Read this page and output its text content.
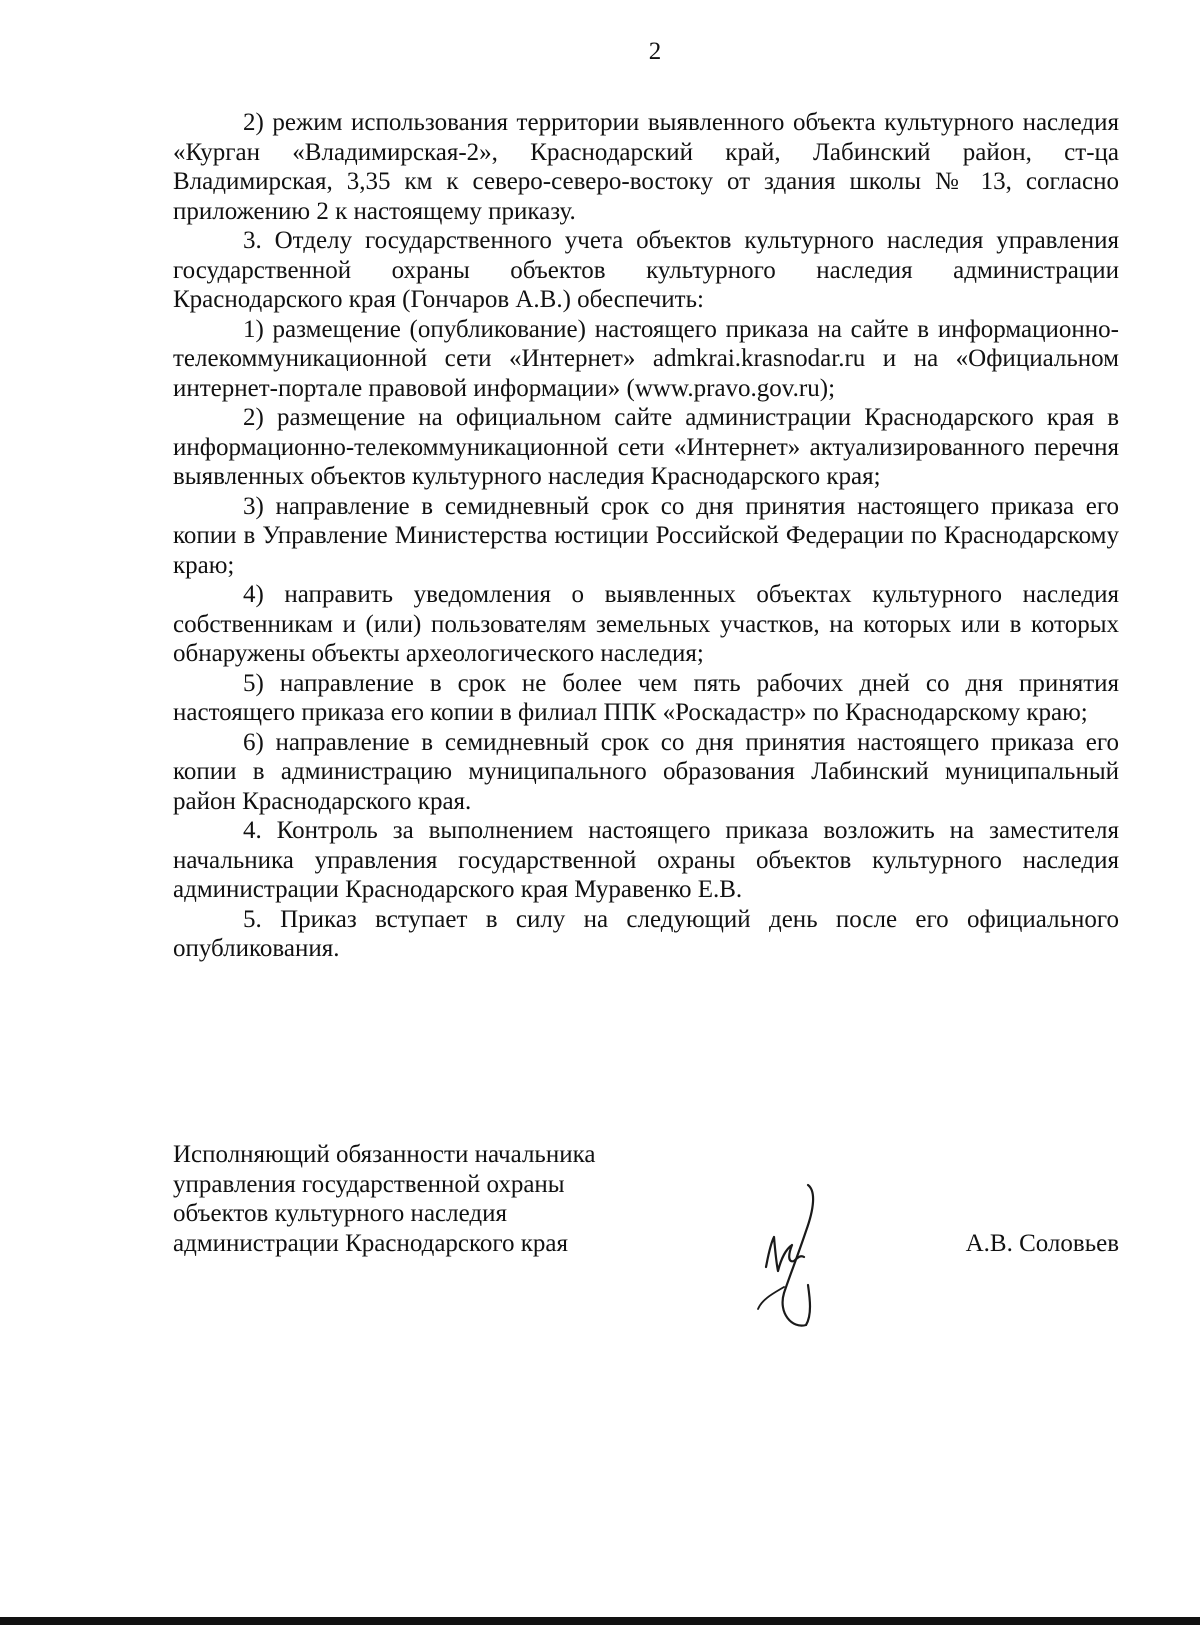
2

2) режим использования территории выявленного объекта культурного наследия «Курган «Владимирская-2», Краснодарский край, Лабинский район, ст-ца Владимирская, 3,35 км к северо-северо-востоку от здания школы № 13, согласно приложению 2 к настоящему приказу.

3. Отделу государственного учета объектов культурного наследия управления государственной охраны объектов культурного наследия администрации Краснодарского края (Гончаров А.В.) обеспечить:

1) размещение (опубликование) настоящего приказа на сайте в информационно-телекоммуникационной сети «Интернет» admkrai.krasnodar.ru и на «Официальном интернет-портале правовой информации» (www.pravo.gov.ru);

2) размещение на официальном сайте администрации Краснодарского края в информационно-телекоммуникационной сети «Интернет» актуализированного перечня выявленных объектов культурного наследия Краснодарского края;

3) направление в семидневный срок со дня принятия настоящего приказа его копии в Управление Министерства юстиции Российской Федерации по Краснодарскому краю;

4) направить уведомления о выявленных объектах культурного наследия собственникам и (или) пользователям земельных участков, на которых или в которых обнаружены объекты археологического наследия;

5) направление в срок не более чем пять рабочих дней со дня принятия настоящего приказа его копии в филиал ППК «Роскадастр» по Краснодарскому краю;

6) направление в семидневный срок со дня принятия настоящего приказа его копии в администрацию муниципального образования Лабинский муниципальный район Краснодарского края.

4. Контроль за выполнением настоящего приказа возложить на заместителя начальника управления государственной охраны объектов культурного наследия администрации Краснодарского края Муравенко Е.В.

5. Приказ вступает в силу на следующий день после его официального опубликования.

Исполняющий обязанности начальника
управления государственной охраны
объектов культурного наследия
администрации Краснодарского края	А.В. Соловьев
